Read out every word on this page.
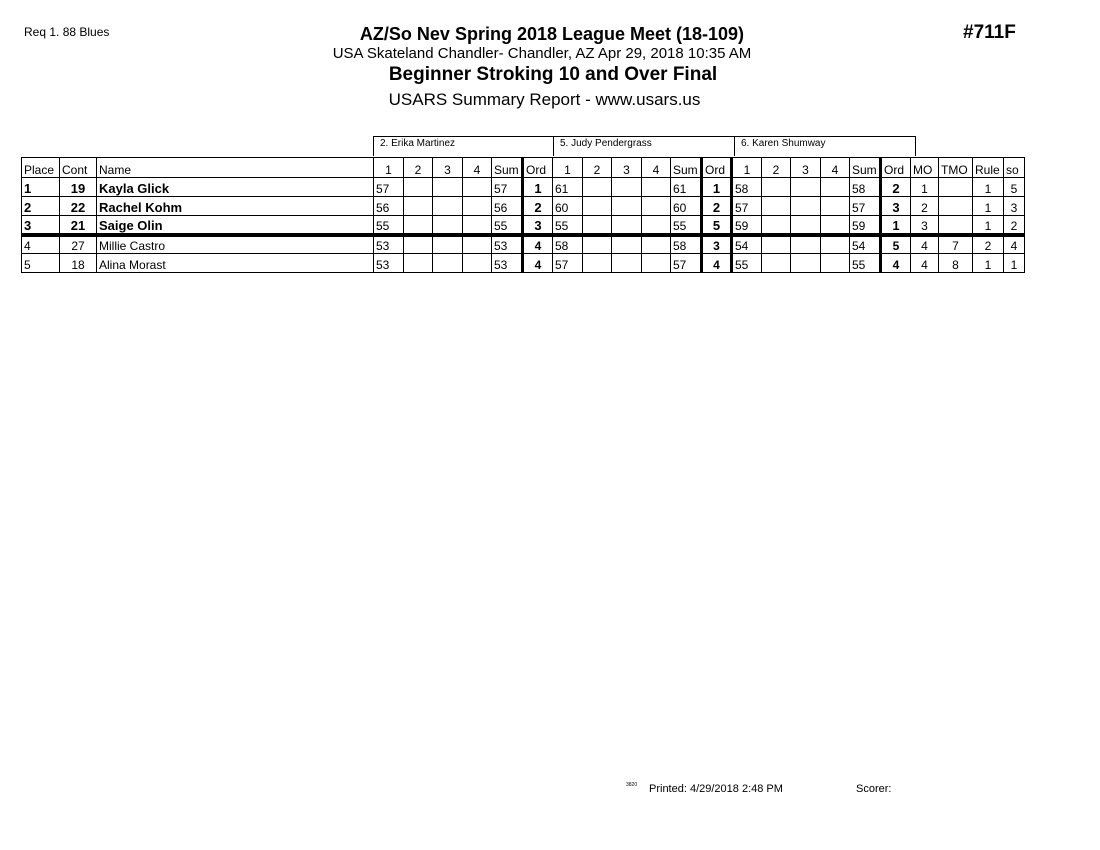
Req 1. 88 Blues	#711F
AZ/So Nev Spring 2018 League Meet (18-109)
USA Skateland Chandler- Chandler, AZ Apr 29, 2018 10:35 AM
Beginner Stroking 10 and Over Final
USARS Summary Report - www.usars.us
2. Erika Martinez	5. Judy Pendergrass	6. Karen Shumway
Place	Cont	Name	1	2	3	4	Sum	Ord	1	2	3	4	Sum	Ord	1	2	3	4	Sum	Ord	MO	TMO	Rule	so
1	19	Kayla Glick	57				57	1	61				61	1	58				58	2	1		1	5
2	22	Rachel Kohm	56				56	2	60				60	2	57				57	3	2		1	3
3	21	Saige Olin	55				55	3	55				55	5	59				59	1	3		1	2
4	27	Millie Castro	53				53	4	58				58	3	54				54	5	4	7	2	4
5	18	Alina Morast	53				53	4	57				57	4	55				55	4	4	8	1	1
3820 Printed: 4/29/2018 2:48 PM	Scorer:
